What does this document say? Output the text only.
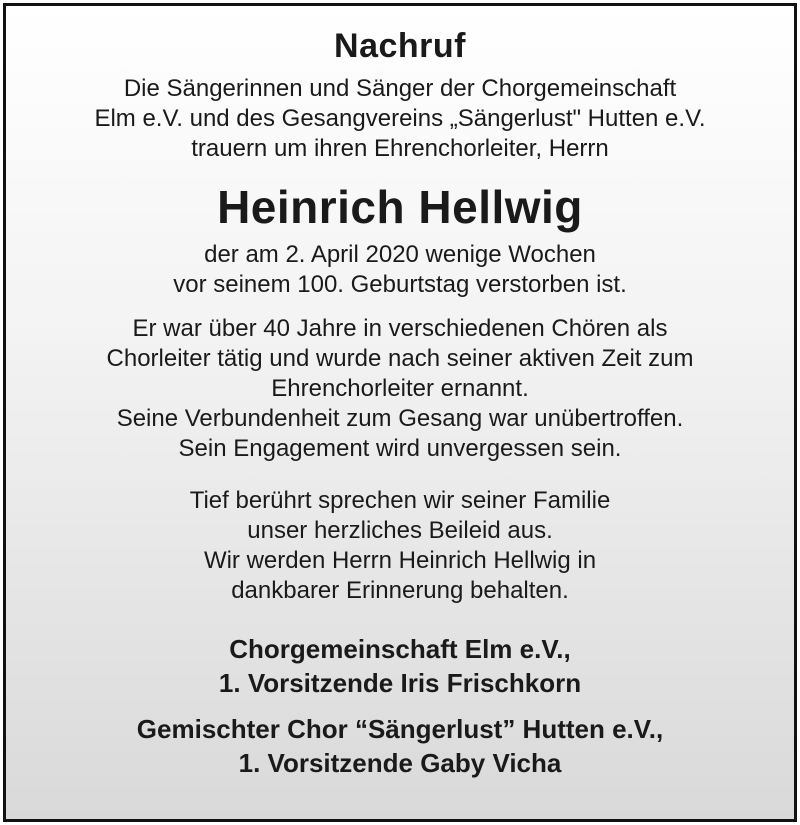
Nachruf
Die Sängerinnen und Sänger der Chorgemeinschaft
Elm e.V. und des Gesangvereins „Sängerlust" Hutten e.V.
trauern um ihren Ehrenchorleiter, Herrn
Heinrich Hellwig
der am 2. April 2020 wenige Wochen
vor seinem 100. Geburtstag verstorben ist.
Er war über 40 Jahre in verschiedenen Chören als
Chorleiter tätig und wurde nach seiner aktiven Zeit zum
Ehrenchorleiter ernannt.
Seine Verbundenheit zum Gesang war unübertroffen.
Sein Engagement wird unvergessen sein.
Tief berührt sprechen wir seiner Familie
unser herzliches Beileid aus.
Wir werden Herrn Heinrich Hellwig in
dankbarer Erinnerung behalten.
Chorgemeinschaft Elm e.V.,
1. Vorsitzende Iris Frischkorn
Gemischter Chor “Sängerlust” Hutten e.V.,
1. Vorsitzende Gaby Vicha
